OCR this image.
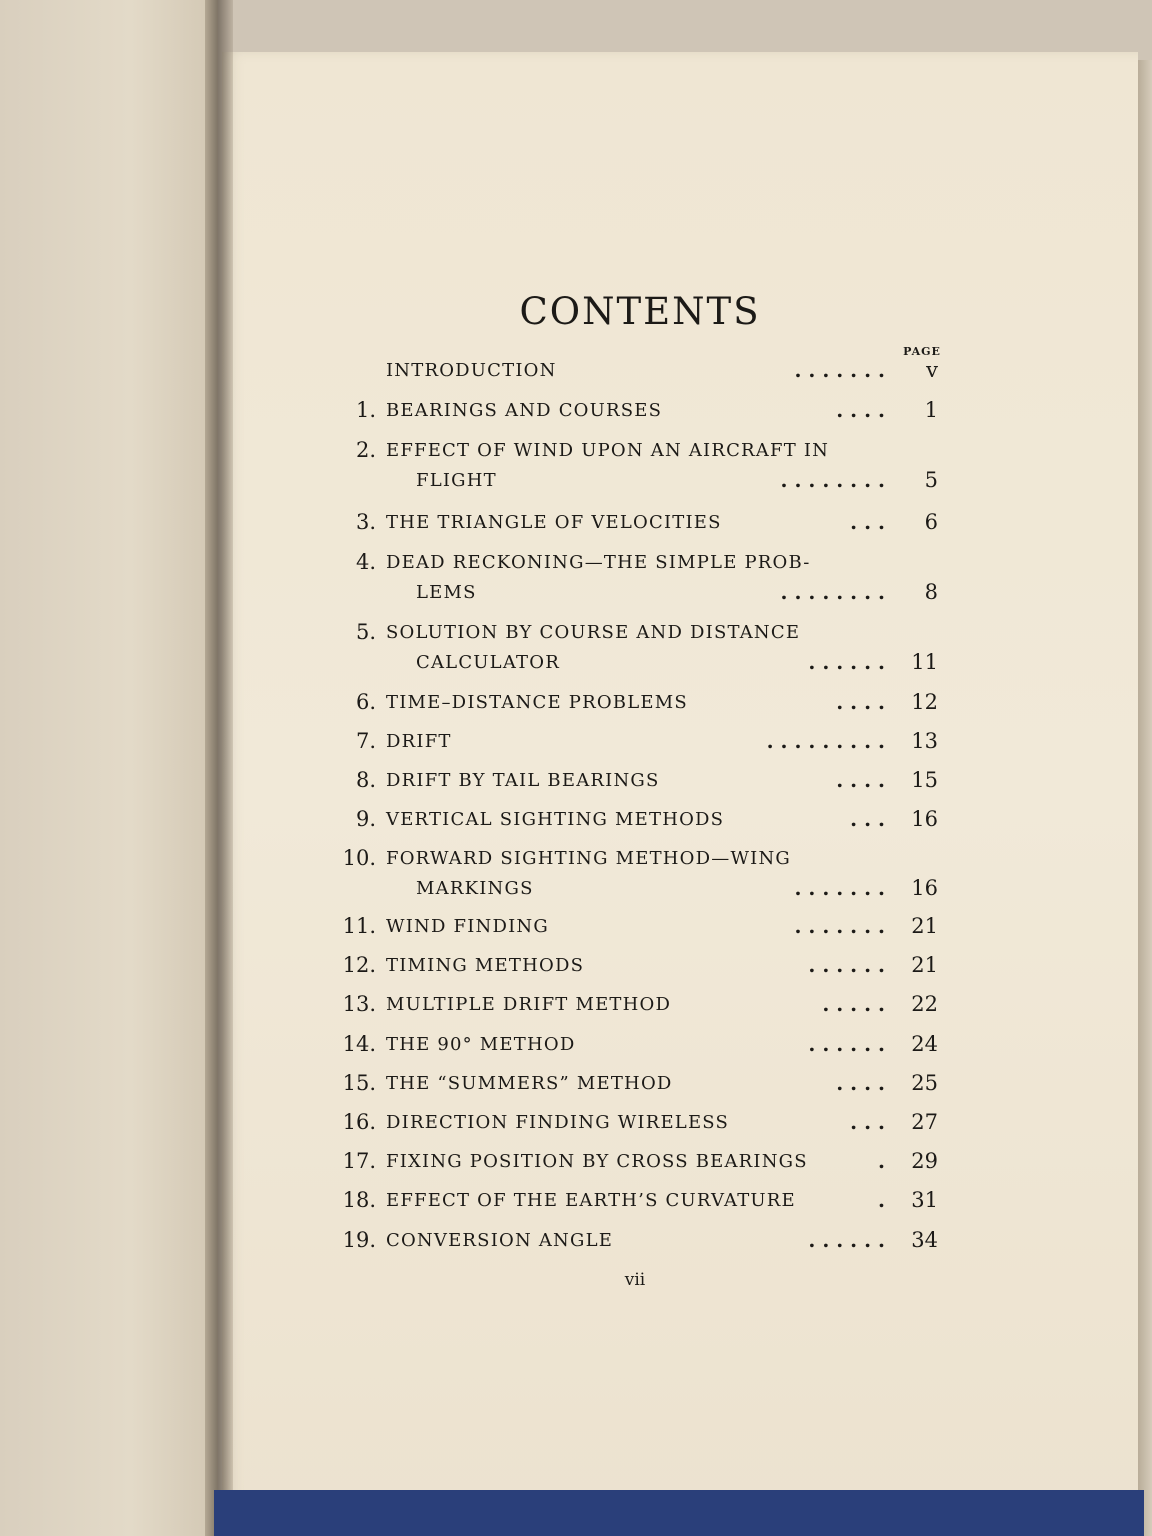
CONTENTS
PAGE
INTRODUCTION	. . . . . . . v
1. BEARINGS AND COURSES	. . . . 1
2. EFFECT OF WIND UPON AN AIRCRAFT IN
FLIGHT	. . . . . . . . 5
3. THE TRIANGLE OF VELOCITIES	. . . 6
4. DEAD RECKONING—THE SIMPLE PROB-
LEMS	. . . . . . . . 8
5. SOLUTION BY COURSE AND DISTANCE
CALCULATOR	. . . . . . 11
6. TIME–DISTANCE PROBLEMS	. . . . 12
7. DRIFT	. . . . . . . . . 13
8. DRIFT BY TAIL BEARINGS	. . . . 15
9. VERTICAL SIGHTING METHODS	. . . 16
10. FORWARD SIGHTING METHOD—WING
MARKINGS	. . . . . . . 16
11. WIND FINDING	. . . . . . . 21
12. TIMING METHODS	. . . . . . 21
13. MULTIPLE DRIFT METHOD	. . . . . 22
14. THE 90° METHOD	. . . . . . 24
15. THE “SUMMERS” METHOD	. . . . 25
16. DIRECTION FINDING WIRELESS	. . . 27
17. FIXING POSITION BY CROSS BEARINGS	. 29
18. EFFECT OF THE EARTH’S CURVATURE	. 31
19. CONVERSION ANGLE	. . . . . . 34
vii
